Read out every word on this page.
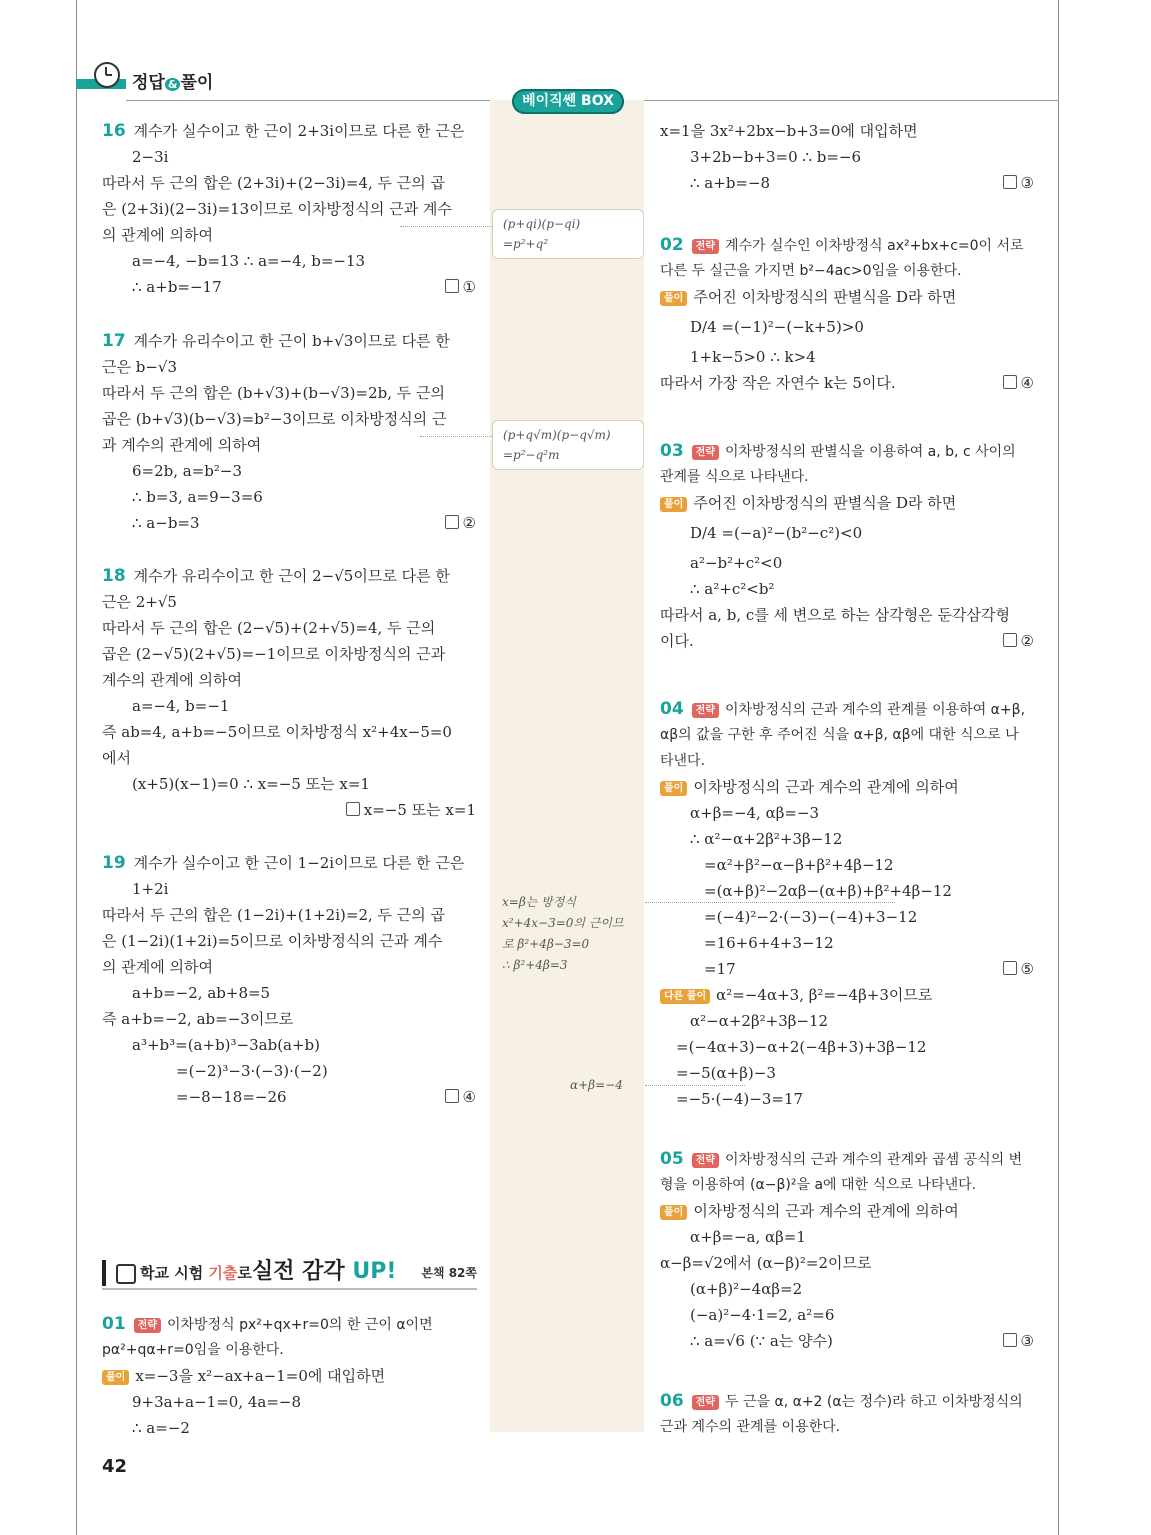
정답 & 풀이
베이직쎈 BOX
(p+qi)(p−qi)
=p²+q²
(p+q√m)(p−q√m)
=p²−q²m
x=β는 방정식
x²+4x−3=0의 근이므
로 β²+4β−3=0
∴ β²+4β=3
α+β=−4
16 계수가 실수이고 한 근이 2+3i이므로 다른 한 근은
2−3i
따라서 두 근의 합은 (2+3i)+(2−3i)=4, 두 근의 곱
은 (2+3i)(2−3i)=13이므로 이차방정식의 근과 계수
의 관계에 의하여
a=−4, −b=13 ∴ a=−4, b=−13
∴ a+b=−17	①
17 계수가 유리수이고 한 근이 b+√3이므로 다른 한
근은 b−√3
따라서 두 근의 합은 (b+√3)+(b−√3)=2b, 두 근의
곱은 (b+√3)(b−√3)=b²−3이므로 이차방정식의 근
과 계수의 관계에 의하여
6=2b, a=b²−3
∴ b=3, a=9−3=6
∴ a−b=3	②
18 계수가 유리수이고 한 근이 2−√5이므로 다른 한
근은 2+√5
따라서 두 근의 합은 (2−√5)+(2+√5)=4, 두 근의
곱은 (2−√5)(2+√5)=−1이므로 이차방정식의 근과
계수의 관계에 의하여
a=−4, b=−1
즉 ab=4, a+b=−5이므로 이차방정식 x²+4x−5=0
에서
(x+5)(x−1)=0 ∴ x=−5 또는 x=1
x=−5 또는 x=1
19 계수가 실수이고 한 근이 1−2i이므로 다른 한 근은
1+2i
따라서 두 근의 합은 (1−2i)+(1+2i)=2, 두 근의 곱
은 (1−2i)(1+2i)=5이므로 이차방정식의 근과 계수
의 관계에 의하여
a+b=−2, ab+8=5
즉 a+b=−2, ab=−3이므로
a³+b³=(a+b)³−3ab(a+b)
=(−2)³−3·(−3)·(−2)
=−8−18=−26	④
학교 시험 기출로 실전 감각 UP! 본책 82쪽
01 전략 이차방정식 px²+qx+r=0의 한 근이 α이면
pα²+qα+r=0임을 이용한다.
풀이 x=−3을 x²−ax+a−1=0에 대입하면
9+3a+a−1=0, 4a=−8
∴ a=−2
42
x=1을 3x²+2bx−b+3=0에 대입하면
3+2b−b+3=0 ∴ b=−6
∴ a+b=−8	③
02 전략 계수가 실수인 이차방정식 ax²+bx+c=0이 서로
다른 두 실근을 가지면 b²−4ac>0임을 이용한다.
풀이 주어진 이차방정식의 판별식을 D라 하면
D/4 =(−1)²−(−k+5)>0
1+k−5>0 ∴ k>4
따라서 가장 작은 자연수 k는 5이다.	④
03 전략 이차방정식의 판별식을 이용하여 a, b, c 사이의
관계를 식으로 나타낸다.
풀이 주어진 이차방정식의 판별식을 D라 하면
D/4 =(−a)²−(b²−c²)<0
a²−b²+c²<0
∴ a²+c²<b²
따라서 a, b, c를 세 변으로 하는 삼각형은 둔각삼각형
이다.	②
04 전략 이차방정식의 근과 계수의 관계를 이용하여 α+β,
αβ의 값을 구한 후 주어진 식을 α+β, αβ에 대한 식으로 나
타낸다.
풀이 이차방정식의 근과 계수의 관계에 의하여
α+β=−4, αβ=−3
∴ α²−α+2β²+3β−12
=α²+β²−α−β+β²+4β−12
=(α+β)²−2αβ−(α+β)+β²+4β−12
=(−4)²−2·(−3)−(−4)+3−12
=16+6+4+3−12
=17	⑤
다른 풀이 α²=−4α+3, β²=−4β+3이므로
α²−α+2β²+3β−12
=(−4α+3)−α+2(−4β+3)+3β−12
=−5(α+β)−3
=−5·(−4)−3=17
05 전략 이차방정식의 근과 계수의 관계와 곱셈 공식의 변
형을 이용하여 (α−β)²을 a에 대한 식으로 나타낸다.
풀이 이차방정식의 근과 계수의 관계에 의하여
α+β=−a, αβ=1
α−β=√2에서 (α−β)²=2이므로
(α+β)²−4αβ=2
(−a)²−4·1=2, a²=6
∴ a=√6 (∵ a는 양수)	③
06 전략 두 근을 α, α+2 (α는 정수)라 하고 이차방정식의
근과 계수의 관계를 이용한다.
